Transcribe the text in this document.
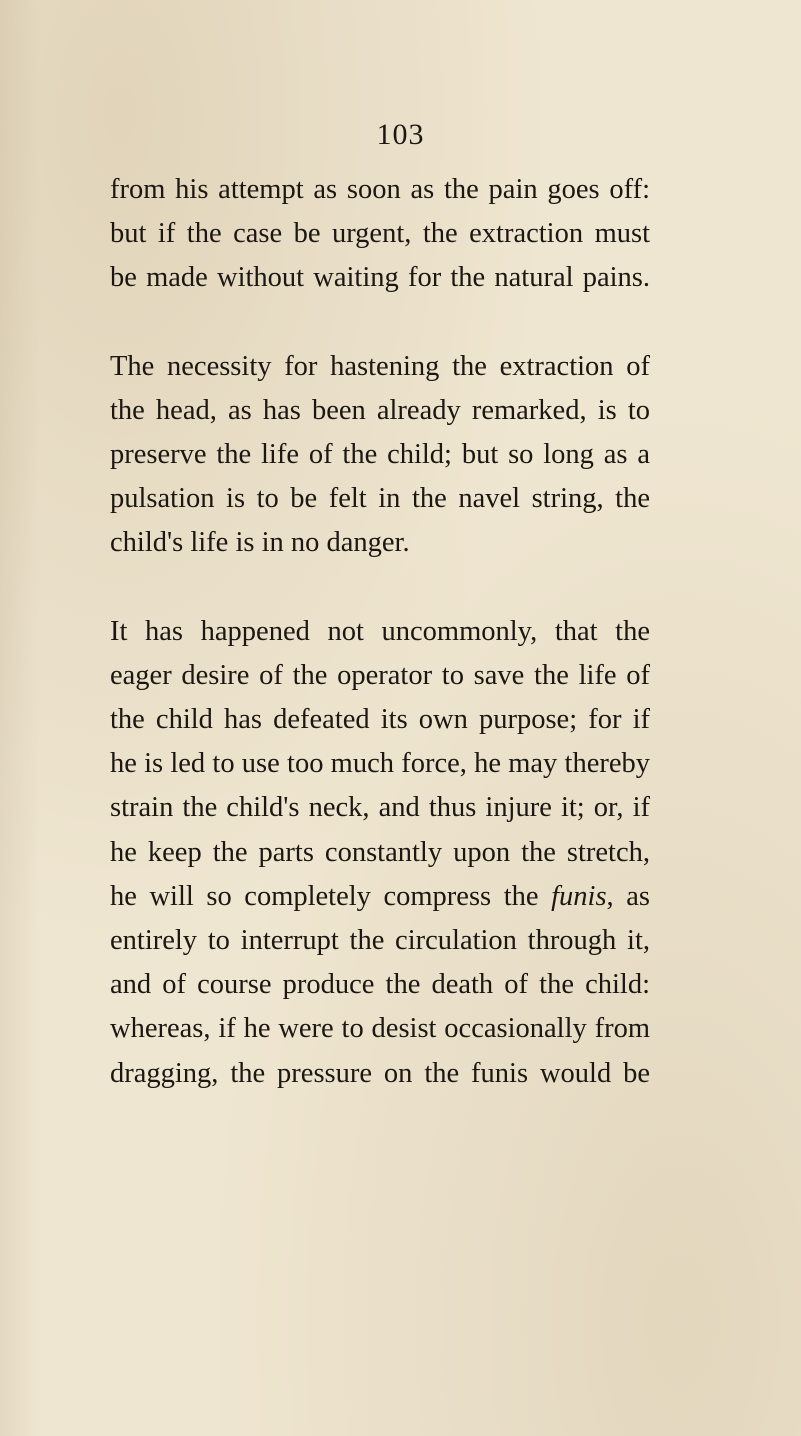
103

from his attempt as soon as the pain goes off:
but if the case be urgent, the extraction must
be made without waiting for the natural pains.

The necessity for hastening the extraction of
the head, as has been already remarked, is to
preserve the life of the child; but so long as a
pulsation is to be felt in the navel string, the
child's life is in no danger.

It has happened not uncommonly, that the
eager desire of the operator to save the life of
the child has defeated its own purpose; for if
he is led to use too much force, he may thereby
strain the child's neck, and thus injure it; or, if
he keep the parts constantly upon the stretch,
he will so completely compress the funis, as
entirely to interrupt the circulation through it,
and of course produce the death of the child:
whereas, if he were to desist occasionally from
dragging, the pressure on the funis would be
